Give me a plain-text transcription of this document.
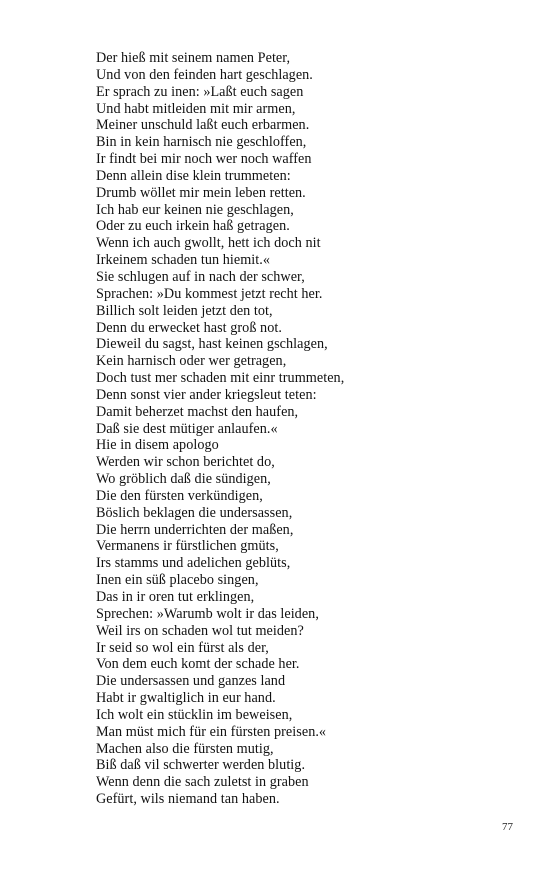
Der hieß mit seinem namen Peter,
Und von den feinden hart geschlagen.
Er sprach zu inen: »Laßt euch sagen
Und habt mitleiden mit mir armen,
Meiner unschuld laßt euch erbarmen.
Bin in kein harnisch nie geschloffen,
Ir findt bei mir noch wer noch waffen
Denn allein dise klein trummeten:
Drumb wöllet mir mein leben retten.
Ich hab eur keinen nie geschlagen,
Oder zu euch irkein haß getragen.
Wenn ich auch gwollt, hett ich doch nit
Irkeinem schaden tun hiemit.«
Sie schlugen auf in nach der schwer,
Sprachen: »Du kommest jetzt recht her.
Billich solt leiden jetzt den tot,
Denn du erwecket hast groß not.
Dieweil du sagst, hast keinen gschlagen,
Kein harnisch oder wer getragen,
Doch tust mer schaden mit einr trummeten,
Denn sonst vier ander kriegsleut teten:
Damit beherzet machst den haufen,
Daß sie dest mütiger anlaufen.«
Hie in disem apologo
Werden wir schon berichtet do,
Wo gröblich daß die sündigen,
Die den fürsten verkündigen,
Böslich beklagen die undersassen,
Die herrn underrichten der maßen,
Vermanens ir fürstlichen gmüts,
Irs stamms und adelichen geblüts,
Inen ein süß placebo singen,
Das in ir oren tut erklingen,
Sprechen: »Warumb wolt ir das leiden,
Weil irs on schaden wol tut meiden?
Ir seid so wol ein fürst als der,
Von dem euch komt der schade her.
Die undersassen und ganzes land
Habt ir gwaltiglich in eur hand.
Ich wolt ein stücklin im beweisen,
Man müst mich für ein fürsten preisen.«
Machen also die fürsten mutig,
Biß daß vil schwerter werden blutig.
Wenn denn die sach zuletst in graben
Gefürt, wils niemand tan haben.
77
